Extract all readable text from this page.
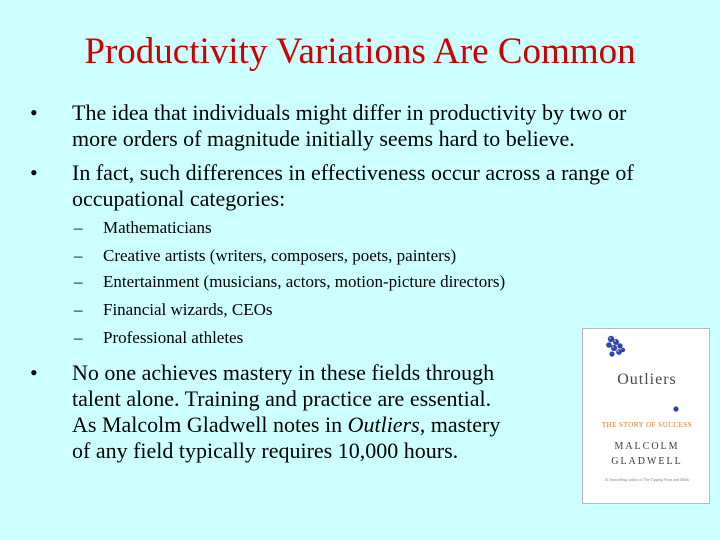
Productivity Variations Are Common
• The idea that individuals might differ in productivity by two or
more orders of magnitude initially seems hard to believe.
• In fact, such differences in effectiveness occur across a range of
occupational categories:
– Mathematicians
– Creative artists (writers, composers, poets, painters)
– Entertainment (musicians, actors, motion-picture directors)
– Financial wizards, CEOs
– Professional athletes
• No one achieves mastery in these fields through
talent alone. Training and practice are essential.
As Malcolm Gladwell notes in Outliers, mastery
of any field typically requires 10,000 hours.
Outliers
THE STORY OF SUCCESS
MALCOLM
GLADWELL
#1 bestselling author of The Tipping Point and Blink
